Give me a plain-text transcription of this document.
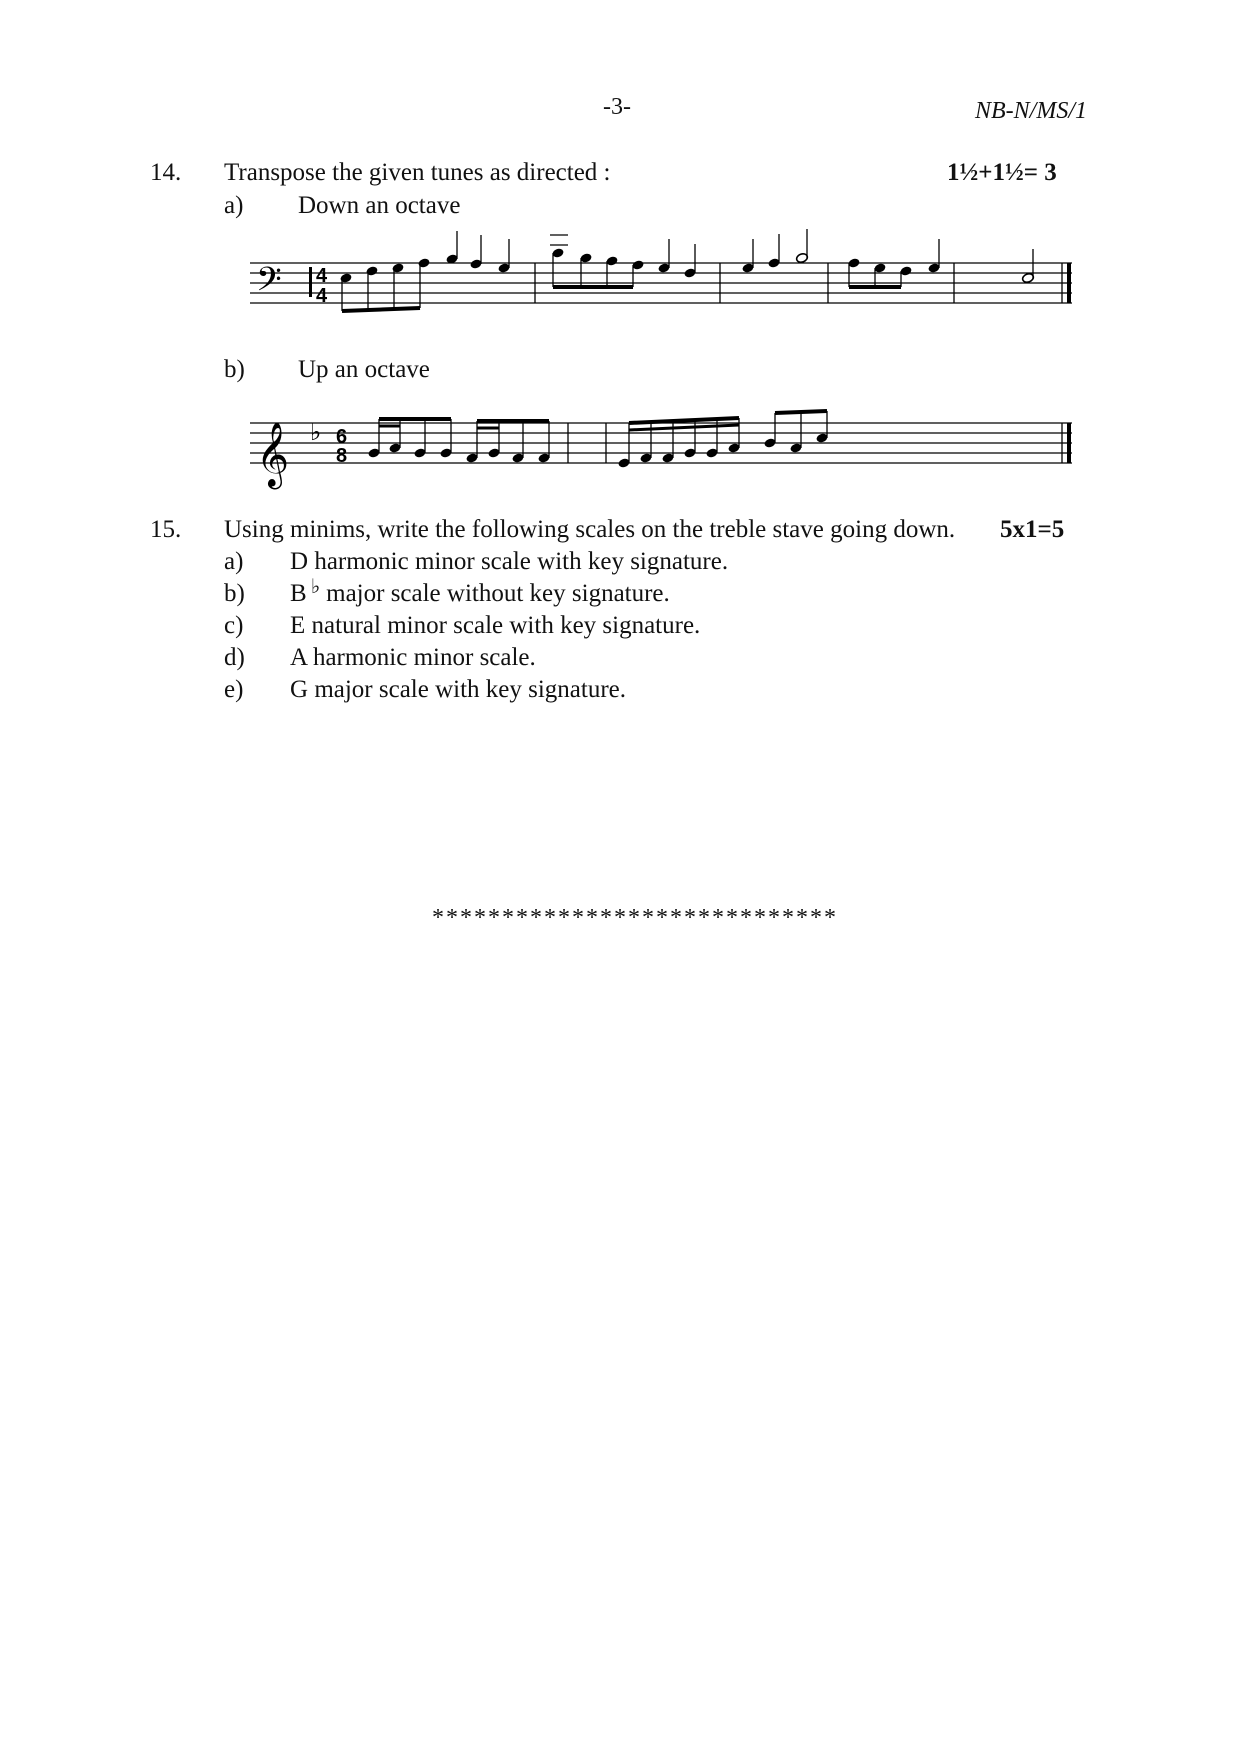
-3-	NB-N/MS/1
14. Transpose the given tunes as directed :	1½+1½= 3
a) Down an octave
𝄢 4
4
b) Up an octave
𝄞 ♭ 6
8
15. Using minims, write the following scales on the treble stave going down. 5x1=5
a) D harmonic minor scale with key signature.
b) B ♭ major scale without key signature.
c) E natural minor scale with key signature.
d) A harmonic minor scale.
e) G major scale with key signature.
*****************************
